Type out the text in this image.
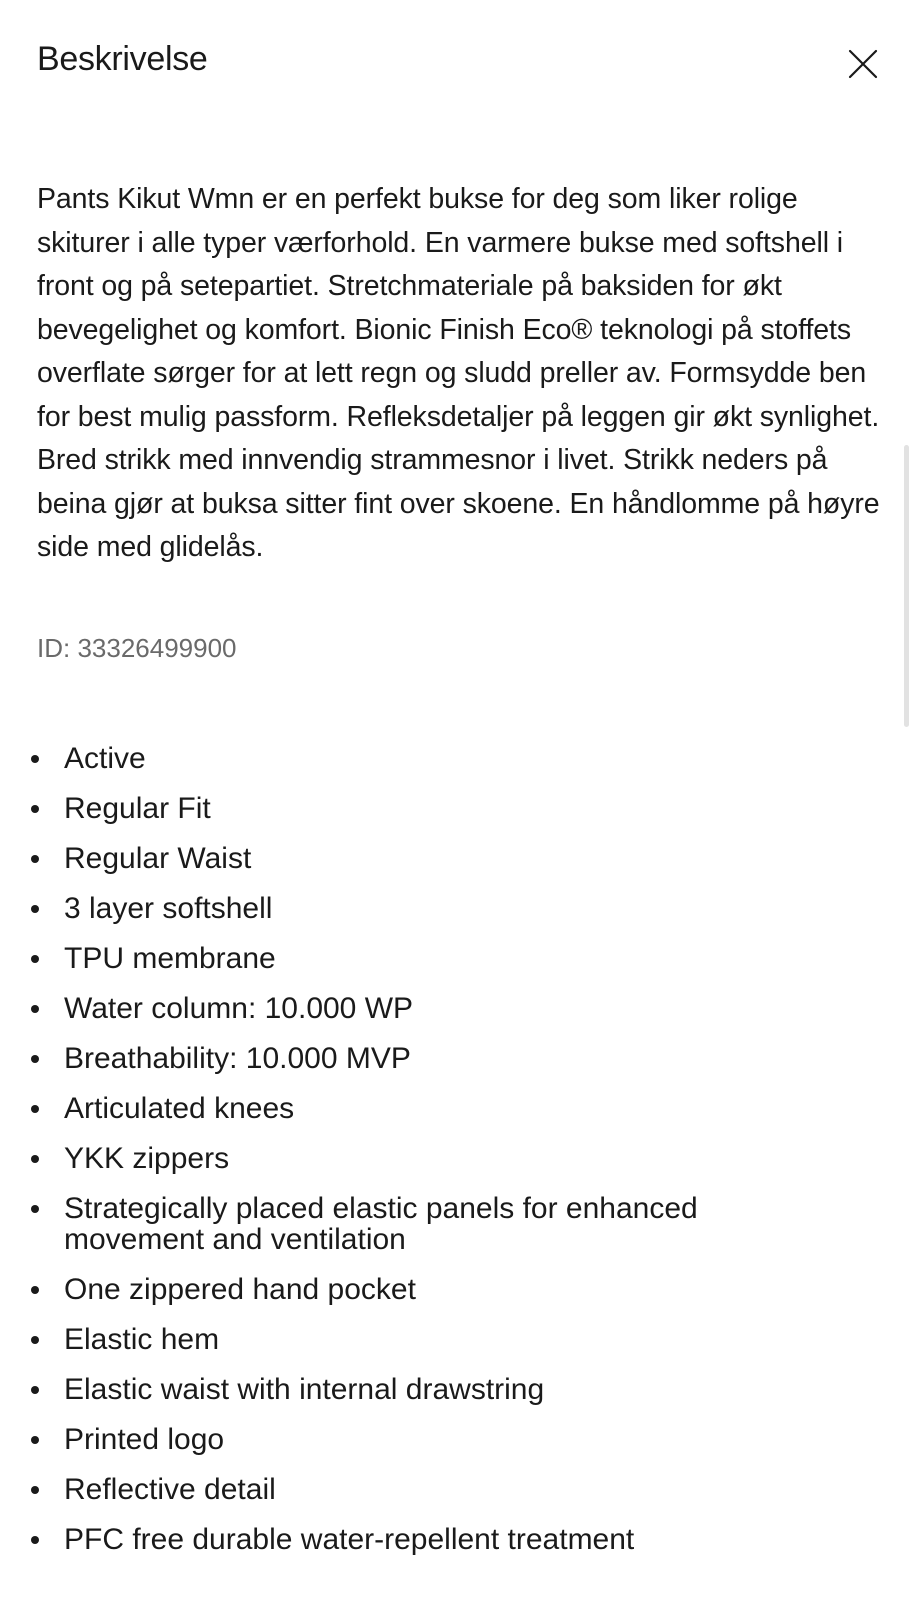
Beskrivelse
Pants Kikut Wmn er en perfekt bukse for deg som liker rolige skiturer i alle typer værforhold. En varmere bukse med softshell i front og på setepartiet. Stretchmateriale på baksiden for økt bevegelighet og komfort. Bionic Finish Eco® teknologi på stoffets overflate sørger for at lett regn og sludd preller av. Formsydde ben for best mulig passform. Refleksdetaljer på leggen gir økt synlighet. Bred strikk med innvendig strammesnor i livet. Strikk neders på beina gjør at buksa sitter fint over skoene. En håndlomme på høyre side med glidelås.
ID: 33326499900
Active
Regular Fit
Regular Waist
3 layer softshell
TPU membrane
Water column: 10.000 WP
Breathability: 10.000 MVP
Articulated knees
YKK zippers
Strategically placed elastic panels for enhanced movement and ventilation
One zippered hand pocket
Elastic hem
Elastic waist with internal drawstring
Printed logo
Reflective detail
PFC free durable water-repellent treatment
